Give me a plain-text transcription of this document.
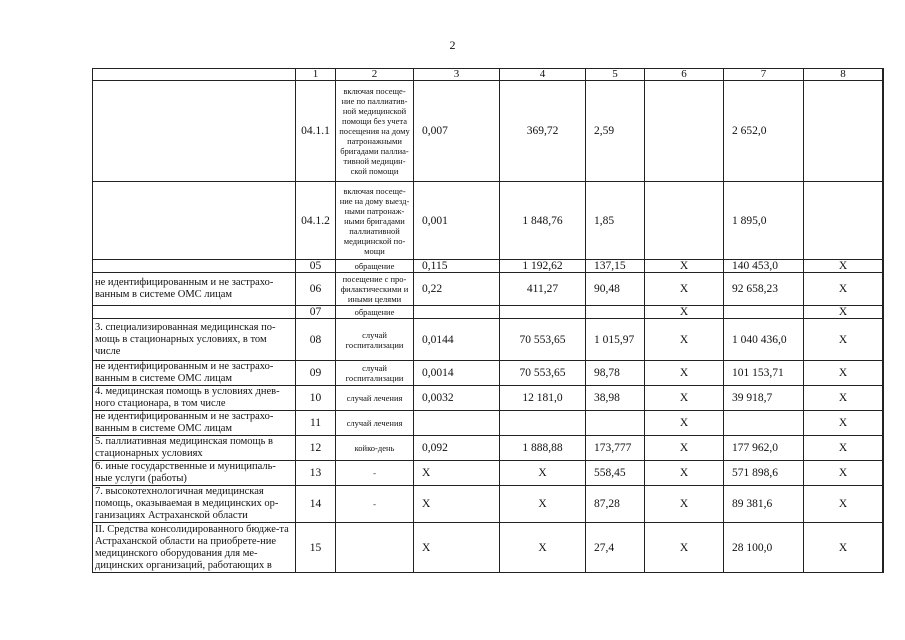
2
	1	2	3	4	5	6	7	8	
	04.1.1	включая посеще-ние по паллиатив-ной медицинской помощи без учета посещения на дому патронажными бригадами паллиа-тивной медицин-ской помощи	0,007	369,72	2,59		2 652,0		
	04.1.2	включая посеще-ние на дому выезд-ными патронаж-ными бригадами паллиативной медицинской по-мощи	0,001	1 848,76	1,85		1 895,0		
	05	обращение	0,115	1 192,62	137,15	X	140 453,0	X	
не идентифицированным и не застрахо-ванным в системе ОМС лицам	06	посещение с про-филактическими и иными целями	0,22	411,27	90,48	X	92 658,23	X	
	07	обращение				X		X	
3. специализированная медицинская по-мощь в стационарных условиях, в том числе	08	случай госпитализации	0,0144	70 553,65	1 015,97	X	1 040 436,0	X	
не идентифицированным и не застрахо-ванным в системе ОМС лицам	09	случай госпитализации	0,0014	70 553,65	98,78	X	101 153,71	X	
4. медицинская помощь в условиях днев-ного стационара, в том числе	10	случай лечения	0,0032	12 181,0	38,98	X	39 918,7	X	
не идентифицированным и не застрахо-ванным в системе ОМС лицам	11	случай лечения				X		X	
5. паллиативная медицинская помощь в стационарных условиях	12	койко-день	0,092	1 888,88	173,777	X	177 962,0	X	
6. иные государственные и муниципаль-ные услуги (работы)	13	-	X	X	558,45	X	571 898,6	X	
7. высокотехнологичная медицинская помощь, оказываемая в медицинских ор-ганизациях Астраханской области	14	-	X	X	87,28	X	89 381,6	X	
II. Средства консолидированного бюдже-та Астраханской области на приобрете-ние медицинского оборудования для ме-дицинских организаций, работающих в	15		X	X	27,4	X	28 100,0	X	
